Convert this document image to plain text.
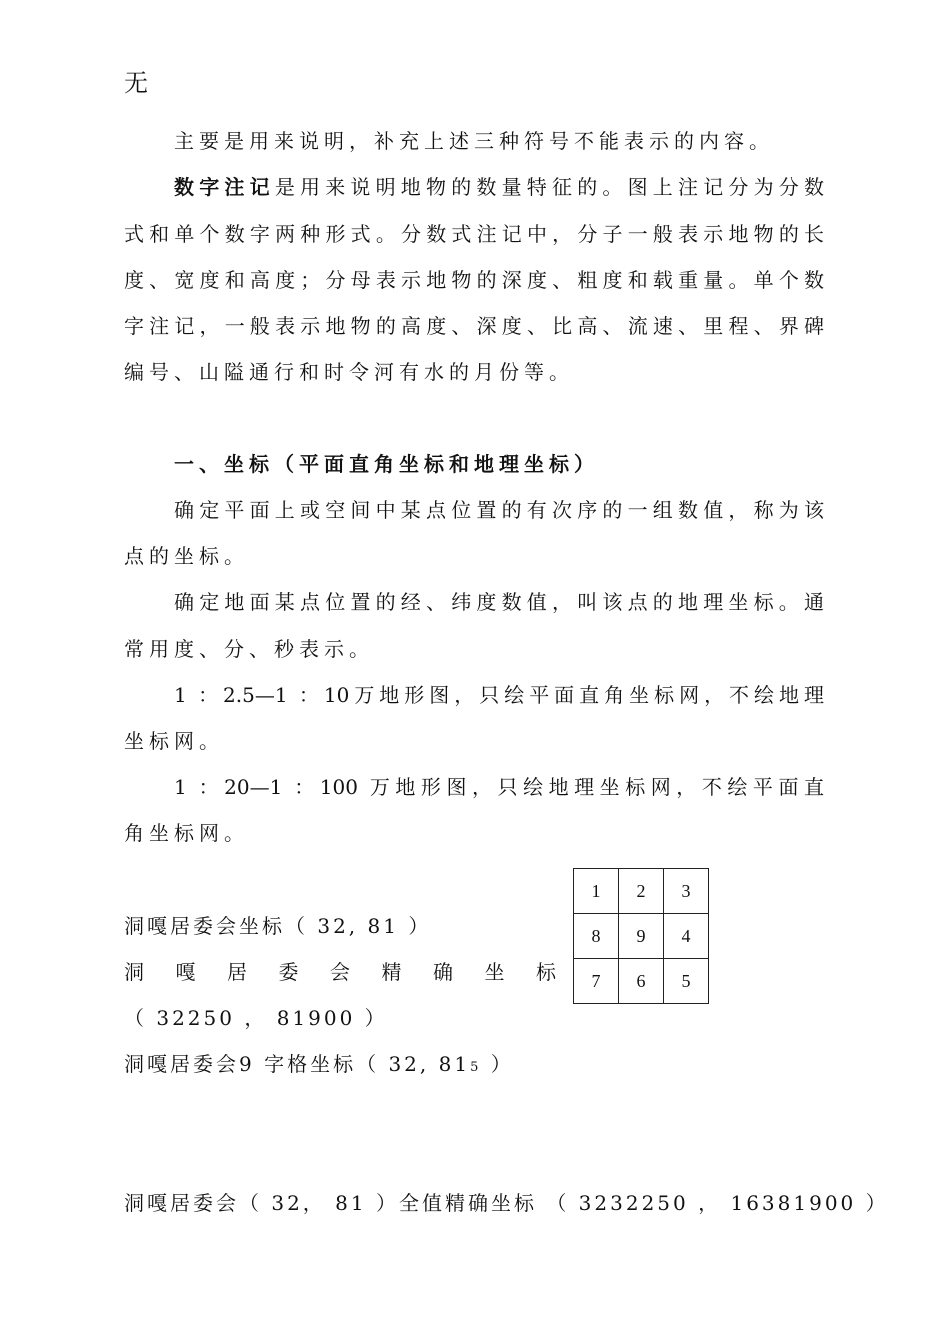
无
主要是用来说明，补充上述三种符号不能表示的内容。
数字注记是用来说明地物的数量特征的。图上注记分为分数
式和单个数字两种形式。分数式注记中，分子一般表示地物的长
度、宽度和高度；分母表示地物的深度、粗度和载重量。单个数
字注记，一般表示地物的高度、深度、比高、流速、里程、界碑
编号、山隘通行和时令河有水的月份等。
一、坐标（平面直角坐标和地理坐标）
确定平面上或空间中某点位置的有次序的一组数值，称为该
点的坐标。
确定地面某点位置的经、纬度数值，叫该点的地理坐标。通
常用度、分、秒表示。
1 ：2.5—1 ：10万地形图，只绘平面直角坐标网，不绘地理
坐标网。
1 ：20—1 ：100 万地形图，只绘地理坐标网，不绘平面直
角坐标网。
1	2	3
8	9	4
7	6	5
洞嘎居委会坐标（ 32, 81 ）
洞 嘎 居 委 会 精 确 坐 标
（ 32250 ， 81900 ）
洞嘎居委会9 字格坐标（ 32, 815 ）
洞嘎居委会（ 32， 81 ）全值精确坐标 （ 3232250 ， 16381900 ）
